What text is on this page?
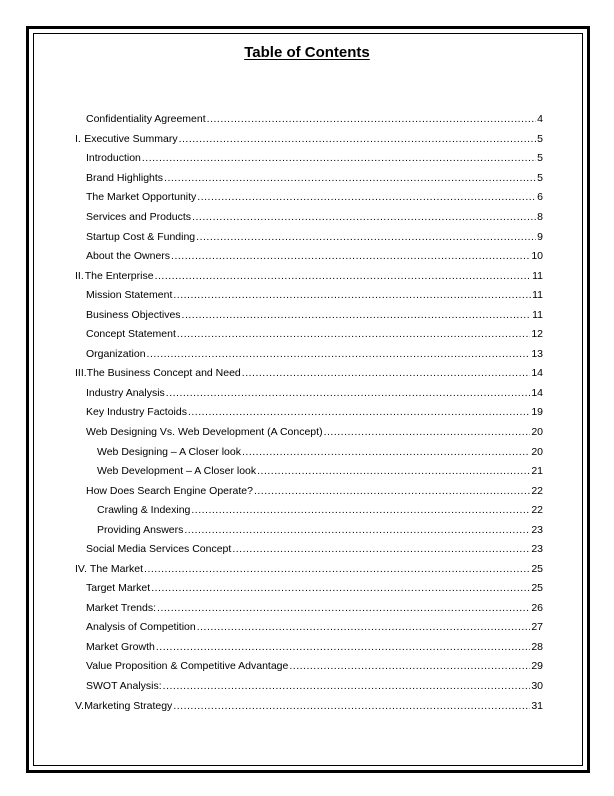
Table of Contents
Confidentiality Agreement .....	4
I. Executive Summary .....	5
Introduction .....	5
Brand Highlights .....	5
The Market Opportunity .....	6
Services and Products .....	8
Startup Cost & Funding .....	9
About the Owners .....	10
II. The Enterprise .....	11
Mission Statement .....	11
Business Objectives .....	11
Concept Statement .....	12
Organization .....	13
III. The Business Concept and Need .....	14
Industry Analysis .....	14
Key Industry Factoids .....	19
Web Designing Vs. Web Development (A Concept) .....	20
Web Designing – A Closer look .....	20
Web Development – A Closer look .....	21
How Does Search Engine Operate? .....	22
Crawling & Indexing .....	22
Providing Answers .....	23
Social Media Services Concept .....	23
IV. The Market .....	25
Target Market .....	25
Market Trends: .....	26
Analysis of Competition .....	27
Market Growth .....	28
Value Proposition & Competitive Advantage .....	29
SWOT Analysis: .....	30
V. Marketing Strategy .....	31
